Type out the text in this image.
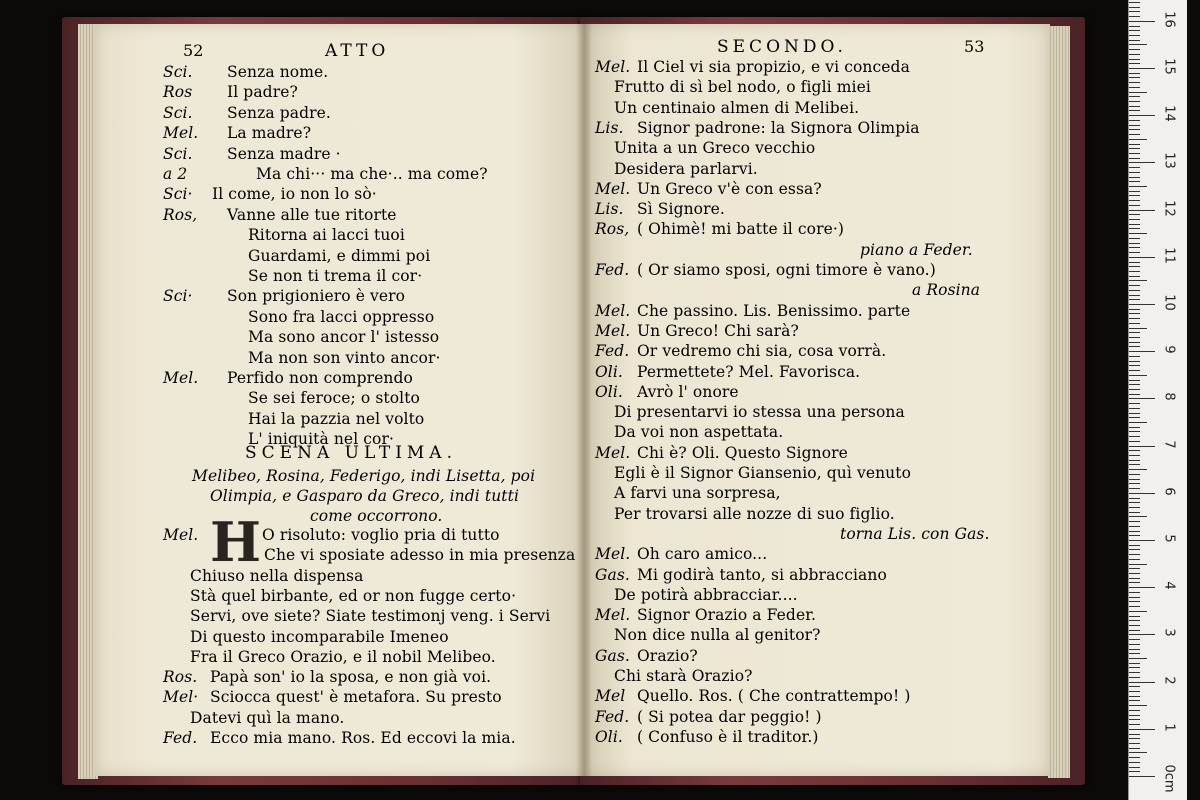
52	ATTO
Sci. Senza nome.
Ros Il padre?
Sci. Senza padre.
Mel. La madre?
Sci. Senza madre ·
a 2	Ma chi··· ma che·.. ma come?
Sci· Il come, io non lo sò·
Ros, Vanne alle tue ritorte
Ritorna ai lacci tuoi
Guardami, e dimmi poi
Se non ti trema il cor·
Sci· Son prigioniero è vero
Sono fra lacci oppresso
Ma sono ancor l' istesso
Ma non son vinto ancor·
Mel. Perfido non comprendo
Se sei feroce; o stolto
Hai la pazzia nel volto
L' iniquità nel cor·
SCENA ULTIMA.
Melibeo, Rosina, Federigo, indi Lisetta, poi
Olimpia, e Gasparo da Greco, indi tutti
come occorrono.
H
Mel.	O risoluto: voglio pria di tutto
Che vi sposiate adesso in mia presenza
Chiuso nella dispensa
Stà quel birbante, ed or non fugge certo·
Servi, ove siete? Siate testimonj veng. i Servi
Di questo incomparabile Imeneo
Fra il Greco Orazio, e il nobil Melibeo.
Ros. Papà son' io la sposa, e non già voi.
Mel· Sciocca quest' è metafora. Su presto
Datevi quì la mano.
Fed. Ecco mia mano. Ros. Ed eccovi la mia.
SECONDO.	53
Mel. Il Ciel vi sia propizio, e vi conceda
Frutto di sì bel nodo, o figli miei
Un centinaio almen di Melibei.
Lis. Signor padrone: la Signora Olimpia
Unita a un Greco vecchio
Desidera parlarvi.
Mel. Un Greco v'è con essa?
Lis. Sì Signore.
Ros, ( Ohimè! mi batte il core·)
piano a Feder.
Fed. ( Or siamo sposi, ogni timore è vano.)
a Rosina
Mel. Che passino. Lis. Benissimo. parte
Mel. Un Greco! Chi sarà?
Fed. Or vedremo chi sia, cosa vorrà.
Oli. Permettete? Mel. Favorisca.
Oli. Avrò l' onore
Di presentarvi io stessa una persona
Da voi non aspettata.
Mel. Chi è? Oli. Questo Signore
Egli è il Signor Giansenio, quì venuto
A farvi una sorpresa,
Per trovarsi alle nozze di suo figlio.
torna Lis. con Gas.
Mel. Oh caro amico...
Gas. Mi godirà tanto, si abbracciano
De potirà abbracciar....
Mel. Signor Orazio a Feder.
Non dice nulla al genitor?
Gas. Orazio?
Chi starà Orazio?
Mel Quello. Ros. ( Che contrattempo! )
Fed. ( Si potea dar peggio! )
Oli. ( Confuso è il traditor.)
0cm
1
2
3
4
5
6
7
8
9
10
11
12
13
14
15
16
